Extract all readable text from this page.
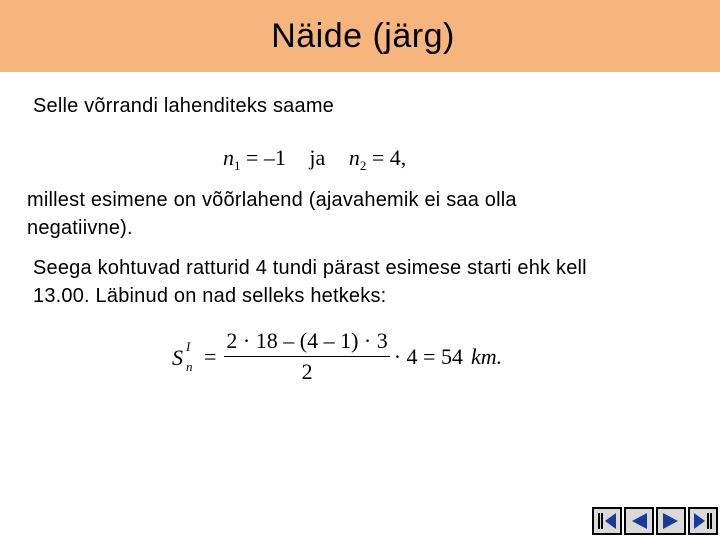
Näide (järg)
Selle võrrandi lahenditeks saame
$n_1 = -1$ ja $n_2 = 4$,
millest esimene on võõrlahend (ajavahemik ei saa olla
negatiivne).
Seega kohtuvad ratturid 4 tundi pärast esimese starti ehk kell
13.00. Läbinud on nad selleks hetkeks:
S I
$n = \frac{2 \cdot 18 - (4 - 1) \cdot 3}{2} \cdot 4 = 54$ km.
